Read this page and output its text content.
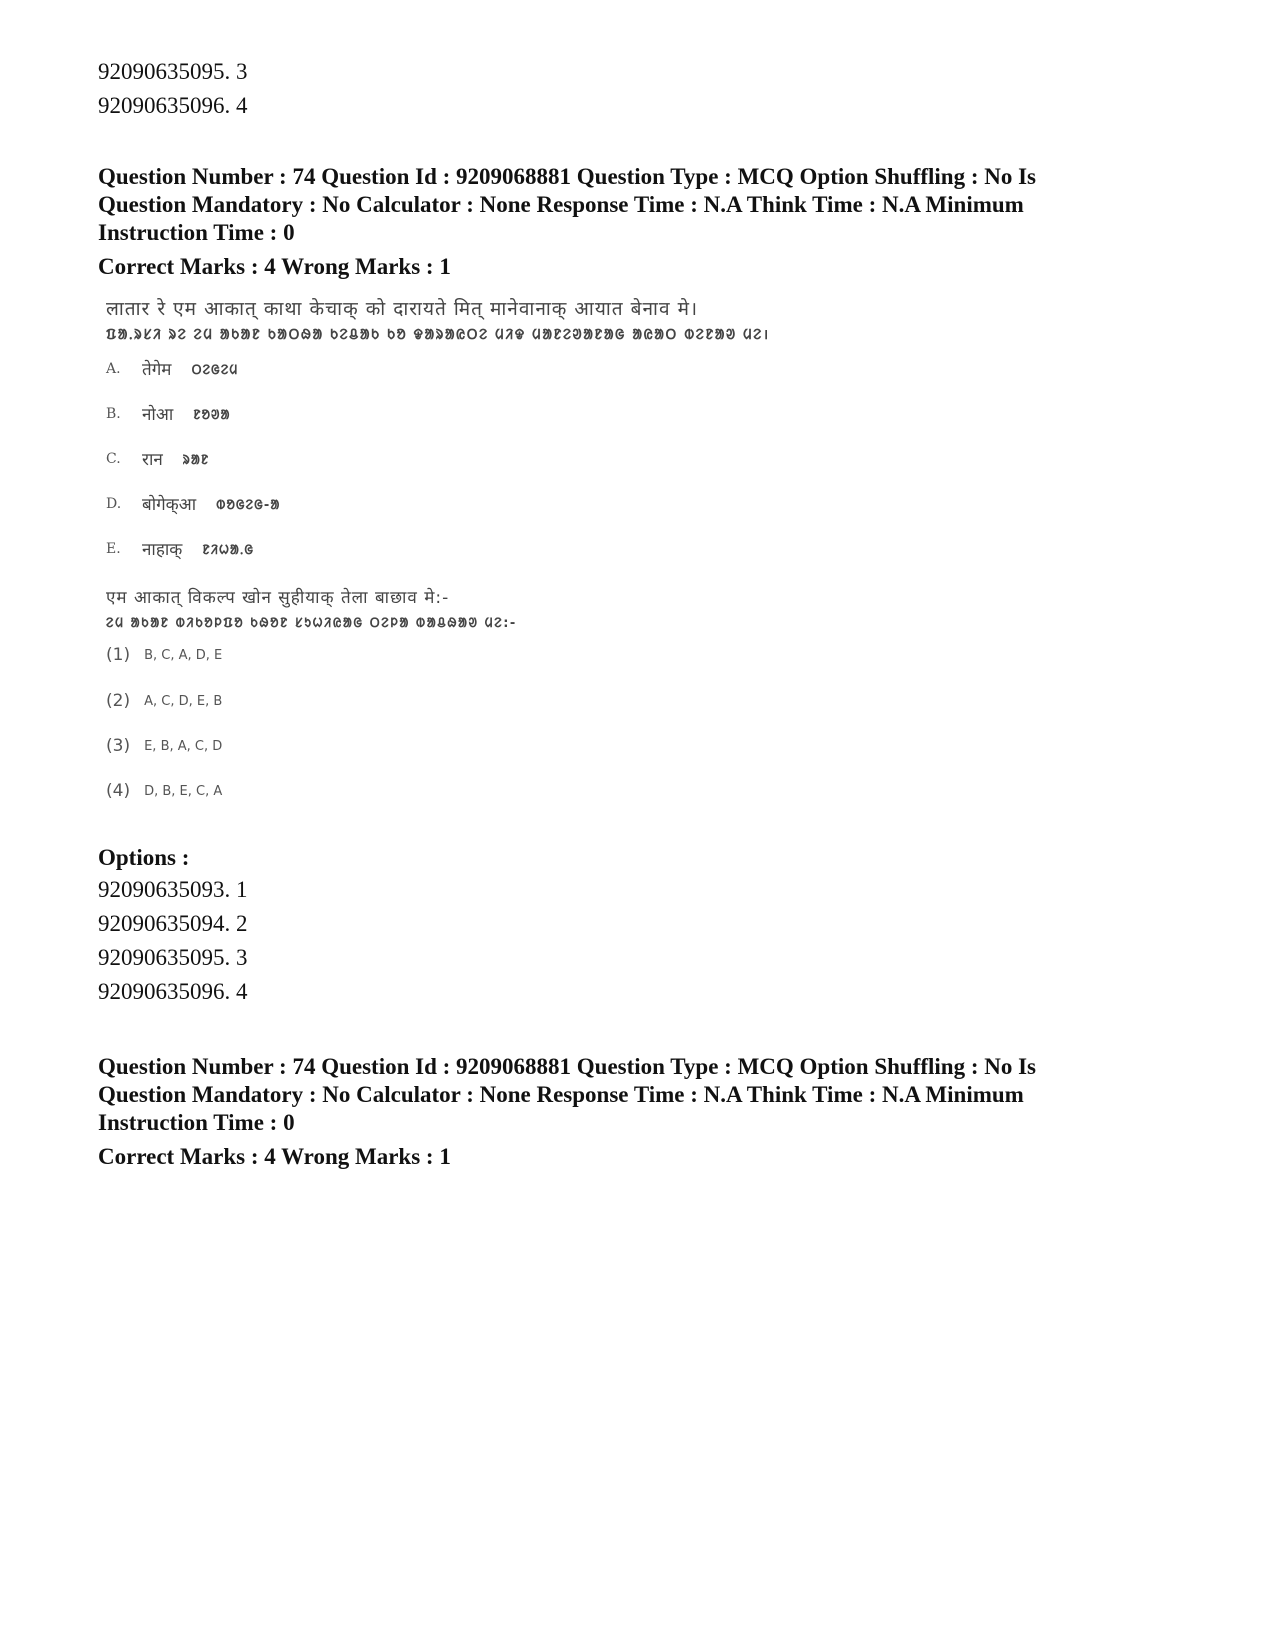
92090635095. 3

92090635096. 4

Question Number : 74 Question Id : 9209068881 Question Type : MCQ Option Shuffling : No Is

Question Mandatory : No Calculator : None Response Time : N.A Think Time : N.A Minimum

Instruction Time : 0

Correct Marks : 4 Wrong Marks : 1

लातार रे एम आकात् काथा केचाक् को दारायते मित् मानेवानाक् आयात बेनाव मे।
ᱯᱟᱹᱨᱥᱤ ᱨᱮ ᱮᱢ ᱟᱠᱟᱱ ᱠᱟᱛᱷᱟ ᱠᱮᱪᱟᱠ ᱠᱚ ᱫᱟᱨᱟᱭᱛᱮ ᱢᱤᱫ ᱢᱟᱱᱮᱣᱟᱱᱟᱜ ᱟᱭᱟᱛ ᱵᱮᱱᱟᱣ ᱢᱮ।
A. तेगेम ᱛᱮᱜᱮᱢ
B. नोआ ᱱᱚᱣᱟ
C. रान ᱨᱟᱱ
D. बोगेक्आ ᱵᱚᱜᱮᱜ-ᱟ
E. नाहाक् ᱱᱤᱦᱟᱹᱜ
एम आकात् विकल्प खोन सुहीयाक् तेला बाछाव मे:-
ᱮᱢ ᱟᱠᱟᱱ ᱵᱤᱠᱚᱞᱯᱚ ᱠᱷᱚᱱ ᱥᱩᱦᱤᱭᱟᱜ ᱛᱮᱞᱟ ᱵᱟᱪᱷᱟᱣ ᱢᱮ:-
(1) B, C, A, D, E
(2) A, C, D, E, B
(3) E, B, A, C, D
(4) D, B, E, C, A

Options :

92090635093. 1

92090635094. 2

92090635095. 3

92090635096. 4

Question Number : 74 Question Id : 9209068881 Question Type : MCQ Option Shuffling : No Is

Question Mandatory : No Calculator : None Response Time : N.A Think Time : N.A Minimum

Instruction Time : 0

Correct Marks : 4 Wrong Marks : 1
